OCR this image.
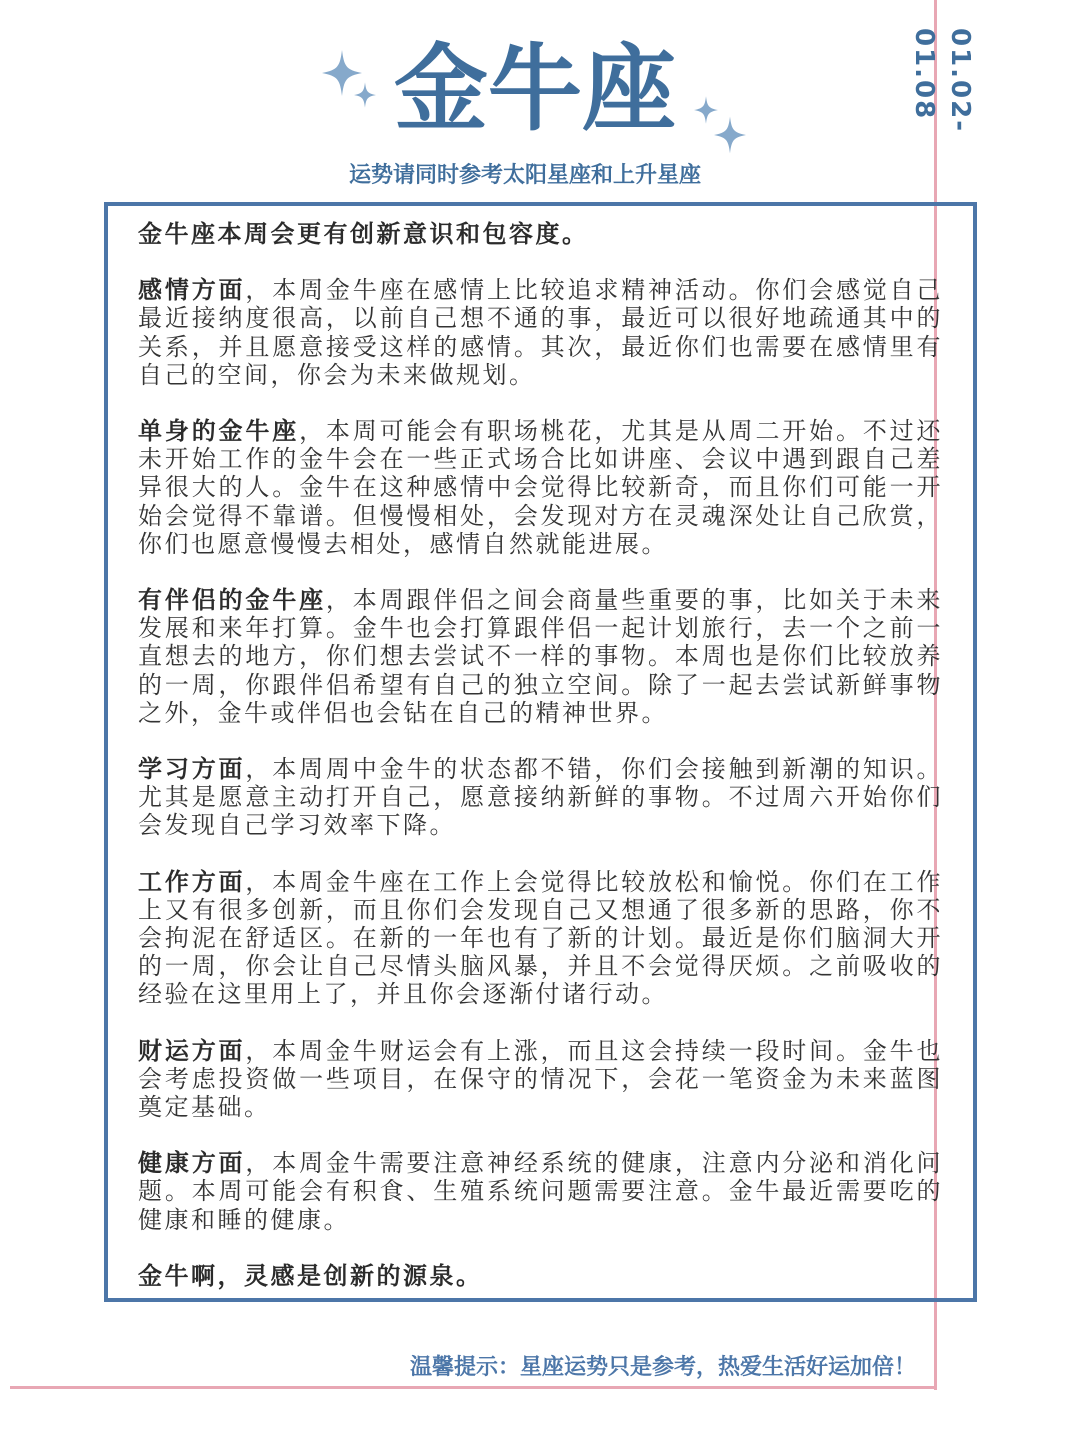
金牛座
运势请同时参考太阳星座和上升星座
01.02-01.08

金牛座本周会更有创新意识和包容度。

感情方面，本周金牛座在感情上比较追求精神活动。你们会感觉自己最近接纳度很高，以前自己想不通的事，最近可以很好地疏通其中的关系，并且愿意接受这样的感情。其次，最近你们也需要在感情里有自己的空间，你会为未来做规划。

单身的金牛座，本周可能会有职场桃花，尤其是从周二开始。不过还未开始工作的金牛会在一些正式场合比如讲座、会议中遇到跟自己差异很大的人。金牛在这种感情中会觉得比较新奇，而且你们可能一开始会觉得不靠谱。但慢慢相处，会发现对方在灵魂深处让自己欣赏，你们也愿意慢慢去相处，感情自然就能进展。

有伴侣的金牛座，本周跟伴侣之间会商量些重要的事，比如关于未来发展和来年打算。金牛也会打算跟伴侣一起计划旅行，去一个之前一直想去的地方，你们想去尝试不一样的事物。本周也是你们比较放养的一周，你跟伴侣希望有自己的独立空间。除了一起去尝试新鲜事物之外，金牛或伴侣也会钻在自己的精神世界。

学习方面，本周周中金牛的状态都不错，你们会接触到新潮的知识。尤其是愿意主动打开自己，愿意接纳新鲜的事物。不过周六开始你们会发现自己学习效率下降。

工作方面，本周金牛座在工作上会觉得比较放松和愉悦。你们在工作上又有很多创新，而且你们会发现自己又想通了很多新的思路，你不会拘泥在舒适区。在新的一年也有了新的计划。最近是你们脑洞大开的一周，你会让自己尽情头脑风暴，并且不会觉得厌烦。之前吸收的经验在这里用上了，并且你会逐渐付诸行动。

财运方面，本周金牛财运会有上涨，而且这会持续一段时间。金牛也会考虑投资做一些项目，在保守的情况下，会花一笔资金为未来蓝图奠定基础。

健康方面，本周金牛需要注意神经系统的健康，注意内分泌和消化问题。本周可能会有积食、生殖系统问题需要注意。金牛最近需要吃的健康和睡的健康。

金牛啊，灵感是创新的源泉。

温馨提示：星座运势只是参考，热爱生活好运加倍！
